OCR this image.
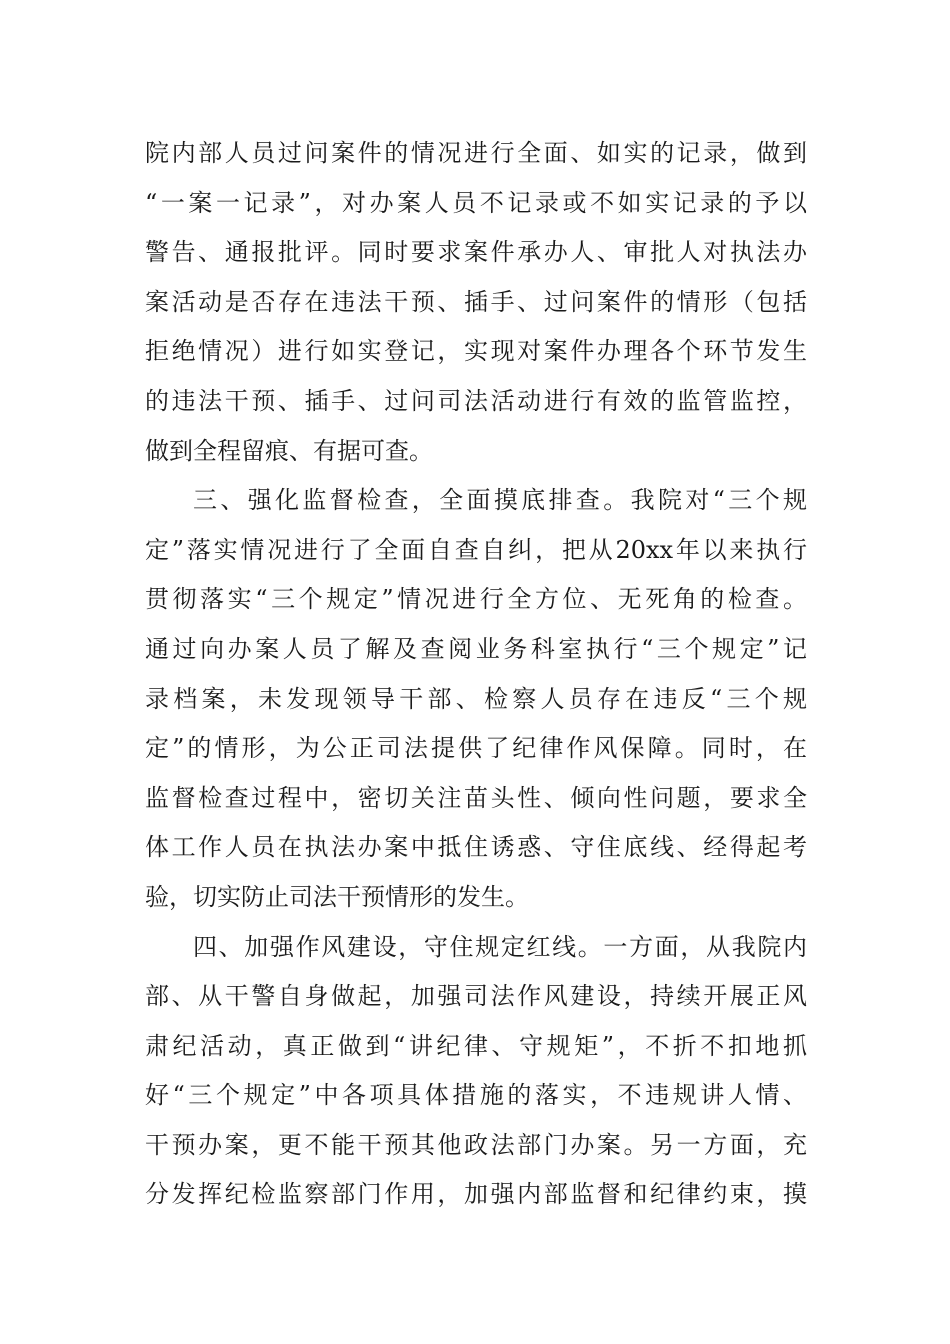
院内部人员过问案件的情况进行全面、如实的记录，做到
“一案一记录”，对办案人员不记录或不如实记录的予以
警告、通报批评。同时要求案件承办人、审批人对执法办
案活动是否存在违法干预、插手、过问案件的情形（包括
拒绝情况）进行如实登记，实现对案件办理各个环节发生
的违法干预、插手、过问司法活动进行有效的监管监控，
做到全程留痕、有据可查。
三、强化监督检查，全面摸底排查。我院对“三个规
定”落实情况进行了全面自查自纠，把从20xx年以来执行
贯彻落实“三个规定”情况进行全方位、无死角的检查。
通过向办案人员了解及查阅业务科室执行“三个规定”记
录档案，未发现领导干部、检察人员存在违反“三个规
定”的情形，为公正司法提供了纪律作风保障。同时，在
监督检查过程中，密切关注苗头性、倾向性问题，要求全
体工作人员在执法办案中抵住诱惑、守住底线、经得起考
验，切实防止司法干预情形的发生。
四、加强作风建设，守住规定红线。一方面，从我院内
部、从干警自身做起，加强司法作风建设，持续开展正风
肃纪活动，真正做到“讲纪律、守规矩”，不折不扣地抓
好“三个规定”中各项具体措施的落实，不违规讲人情、
干预办案，更不能干预其他政法部门办案。另一方面，充
分发挥纪检监察部门作用，加强内部监督和纪律约束，摸
